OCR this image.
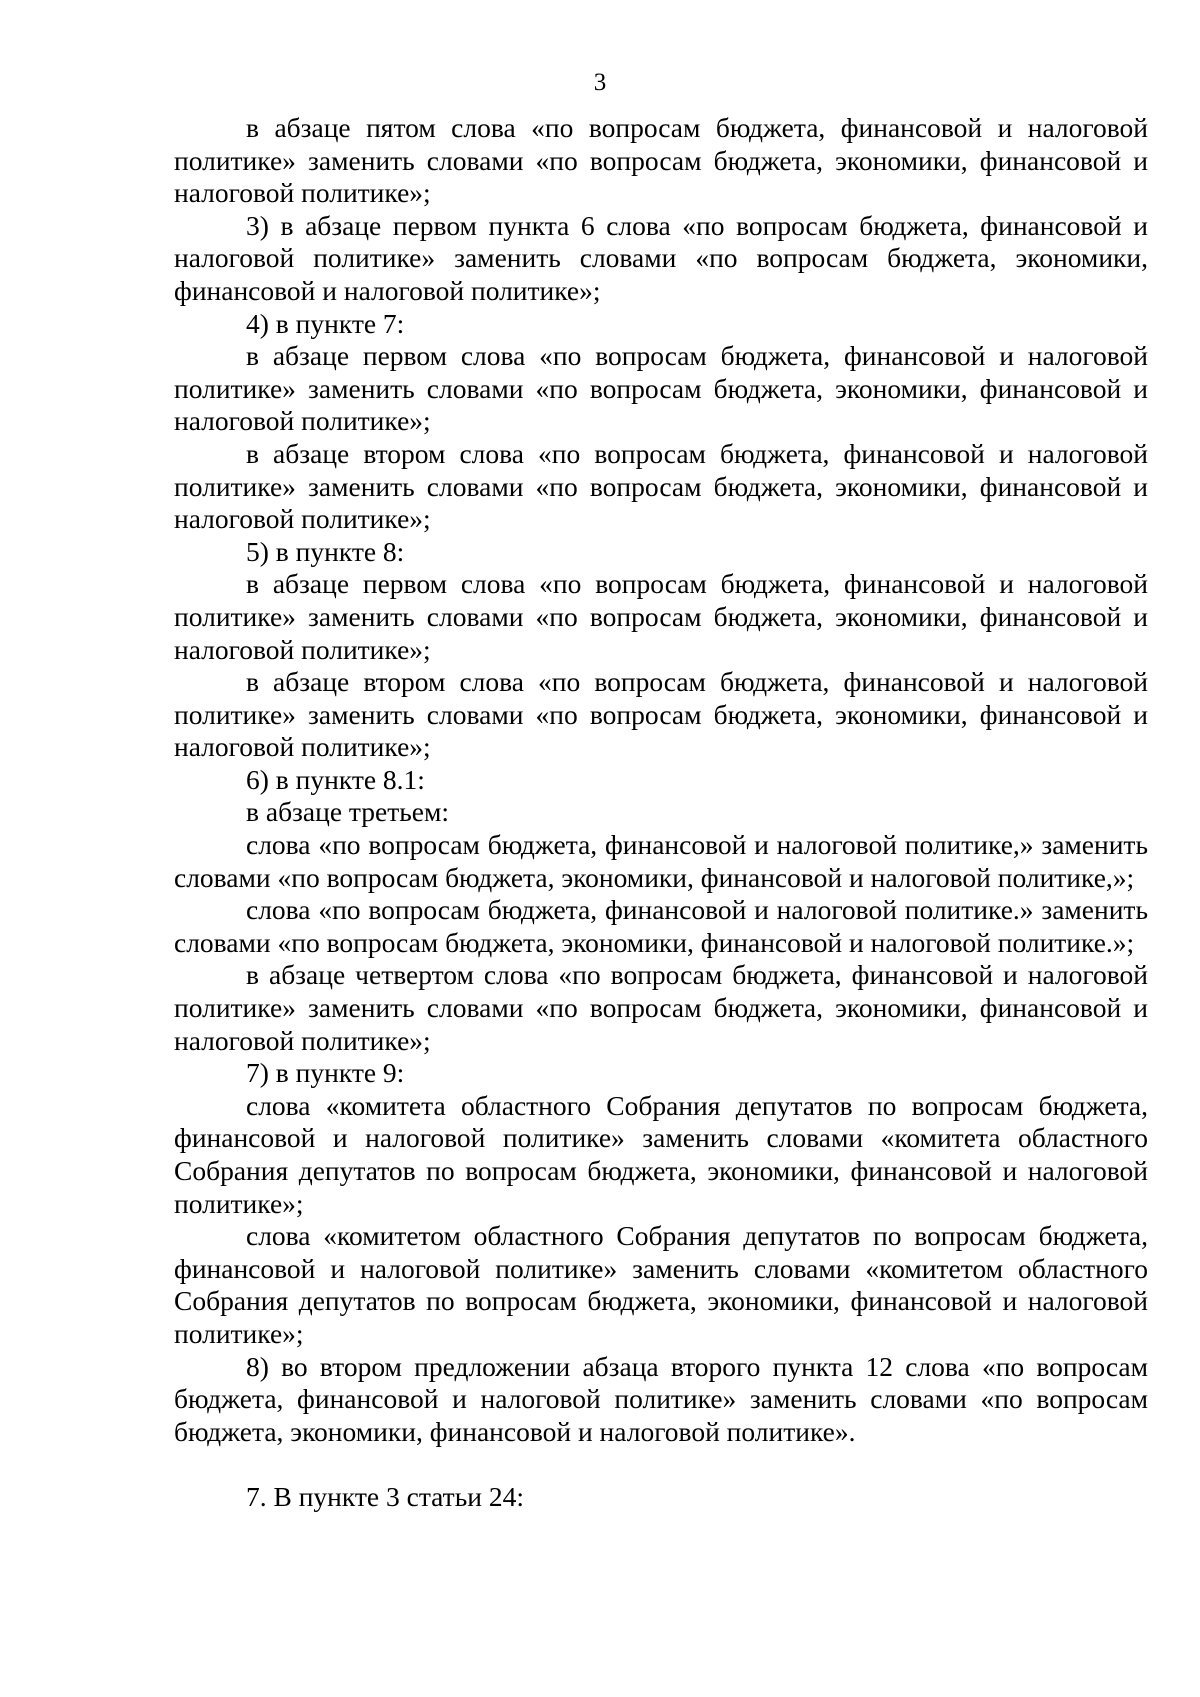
3

в абзаце пятом слова «по вопросам бюджета, финансовой и налоговой политике» заменить словами «по вопросам бюджета, экономики, финансовой и налоговой политике»;

3) в абзаце первом пункта 6 слова «по вопросам бюджета, финансовой и налоговой политике» заменить словами «по вопросам бюджета, экономики, финансовой и налоговой политике»;

4) в пункте 7:

в абзаце первом слова «по вопросам бюджета, финансовой и налоговой политике» заменить словами «по вопросам бюджета, экономики, финансовой и налоговой политике»;

в абзаце втором слова «по вопросам бюджета, финансовой и налоговой политике» заменить словами «по вопросам бюджета, экономики, финансовой и налоговой политике»;

5) в пункте 8:

в абзаце первом слова «по вопросам бюджета, финансовой и налоговой политике» заменить словами «по вопросам бюджета, экономики, финансовой и налоговой политике»;

в абзаце втором слова «по вопросам бюджета, финансовой и налоговой политике» заменить словами «по вопросам бюджета, экономики, финансовой и налоговой политике»;

6) в пункте 8.1:

в абзаце третьем:

слова «по вопросам бюджета, финансовой и налоговой политике,» заменить словами «по вопросам бюджета, экономики, финансовой и налоговой политике,»;

слова «по вопросам бюджета, финансовой и налоговой политике.» заменить словами «по вопросам бюджета, экономики, финансовой и налоговой политике.»;

в абзаце четвертом слова «по вопросам бюджета, финансовой и налоговой политике» заменить словами «по вопросам бюджета, экономики, финансовой и налоговой политике»;

7) в пункте 9:

слова «комитета областного Собрания депутатов по вопросам бюджета, финансовой и налоговой политике» заменить словами «комитета областного Собрания депутатов по вопросам бюджета, экономики, финансовой и налоговой политике»;

слова «комитетом областного Собрания депутатов по вопросам бюджета, финансовой и налоговой политике» заменить словами «комитетом областного Собрания депутатов по вопросам бюджета, экономики, финансовой и налоговой политике»;

8) во втором предложении абзаца второго пункта 12 слова «по вопросам бюджета, финансовой и налоговой политике» заменить словами «по вопросам бюджета, экономики, финансовой и налоговой политике».

7. В пункте 3 статьи 24:
